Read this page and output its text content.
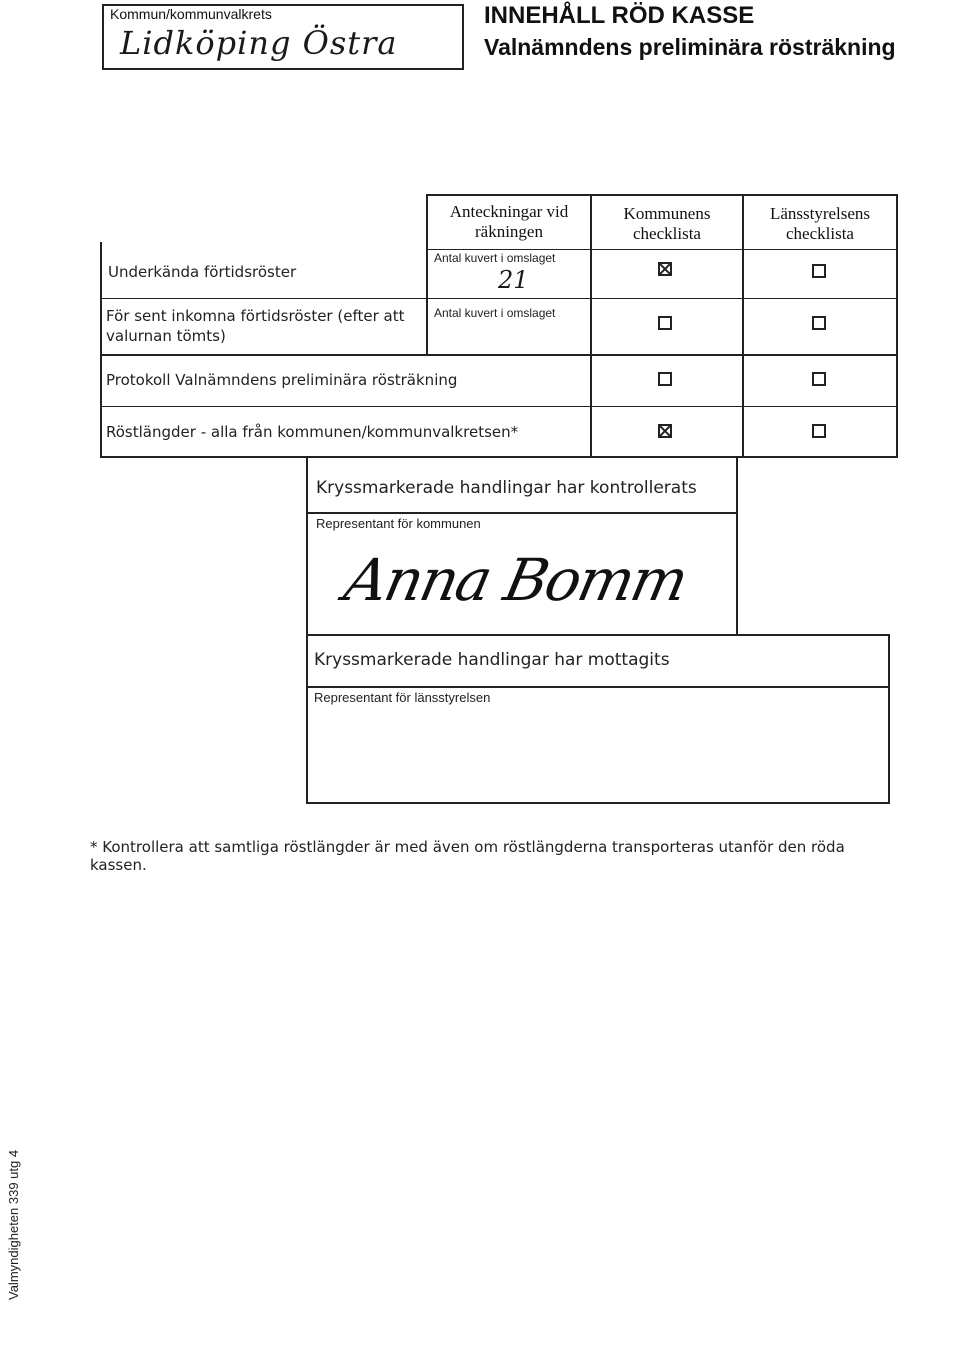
Kommun/kommunvalkrets
Lidköping Östra
INNEHÅLL RÖD KASSE
Valnämndens preliminära rösträkning
Anteckningar vid räkningen
Kommunens checklista
Länsstyrelsens checklista
Underkända förtidsröster
Antal kuvert i omslaget
21
För sent inkomna förtidsröster (efter att valurnan tömts)
Antal kuvert i omslaget
Protokoll Valnämndens preliminära rösträkning
Röstlängder - alla från kommunen/kommunvalkretsen*
Kryssmarkerade handlingar har kontrollerats
Representant för kommunen
Anna Bomm
Kryssmarkerade handlingar har mottagits
Representant för länsstyrelsen
* Kontrollera att samtliga röstlängder är med även om röstlängderna transporteras utanför den röda kassen.
Valmyndigheten 339 utg 4
